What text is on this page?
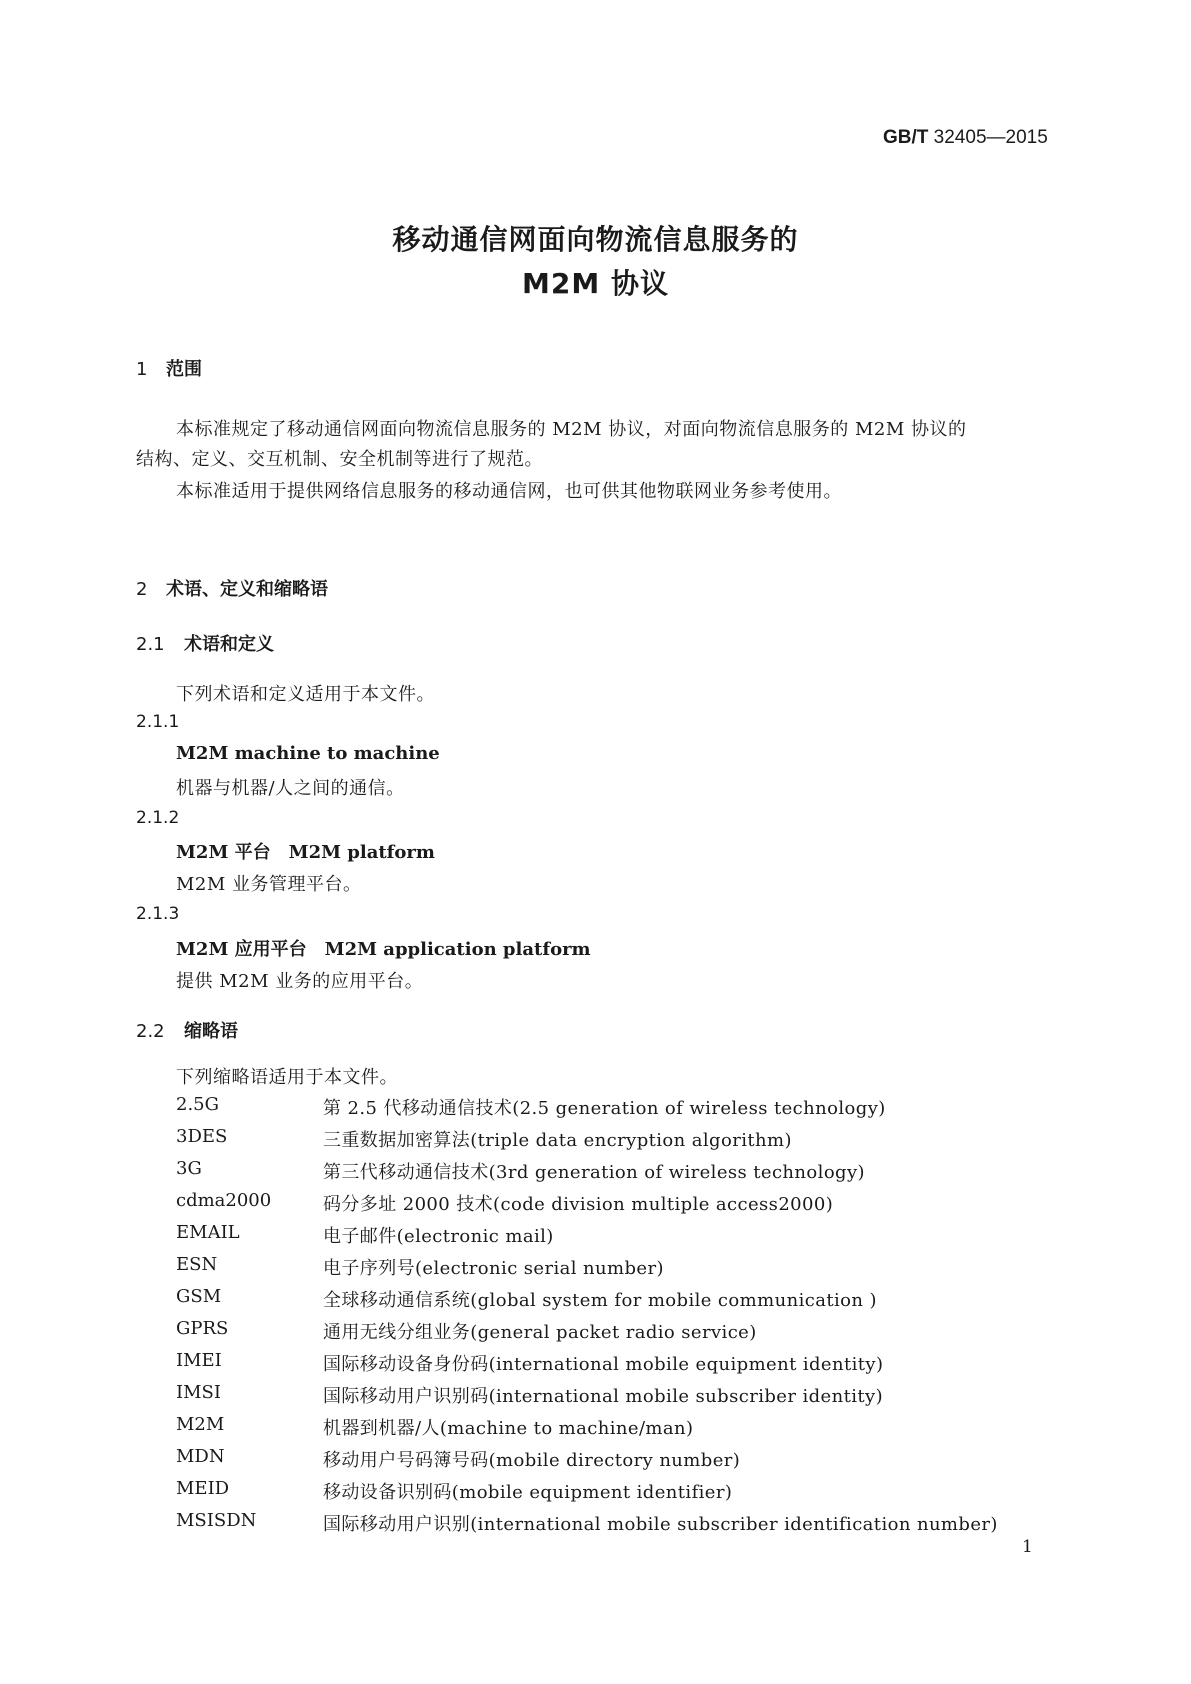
GB/T 32405—2015
移动通信网面向物流信息服务的
M2M 协议
1 范围
本标准规定了移动通信网面向物流信息服务的 M2M 协议，对面向物流信息服务的 M2M 协议的
结构、定义、交互机制、安全机制等进行了规范。
本标准适用于提供网络信息服务的移动通信网，也可供其他物联网业务参考使用。
2 术语、定义和缩略语
2.1 术语和定义
下列术语和定义适用于本文件。
2.1.1
M2M machine to machine
机器与机器/人之间的通信。
2.1.2
M2M 平台　M2M platform
M2M 业务管理平台。
2.1.3
M2M 应用平台　M2M application platform
提供 M2M 业务的应用平台。
2.2 缩略语
下列缩略语适用于本文件。
2.5G	第 2.5 代移动通信技术(2.5 generation of wireless technology)
3DES	三重数据加密算法(triple data encryption algorithm)
3G	第三代移动通信技术(3rd generation of wireless technology)
cdma2000	码分多址 2000 技术(code division multiple access2000)
EMAIL	电子邮件(electronic mail)
ESN	电子序列号(electronic serial number)
GSM	全球移动通信系统(global system for mobile communication )
GPRS	通用无线分组业务(general packet radio service)
IMEI	国际移动设备身份码(international mobile equipment identity)
IMSI	国际移动用户识别码(international mobile subscriber identity)
M2M	机器到机器/人(machine to machine/man)
MDN	移动用户号码簿号码(mobile directory number)
MEID	移动设备识别码(mobile equipment identifier)
MSISDN	国际移动用户识别(international mobile subscriber identification number)
1
